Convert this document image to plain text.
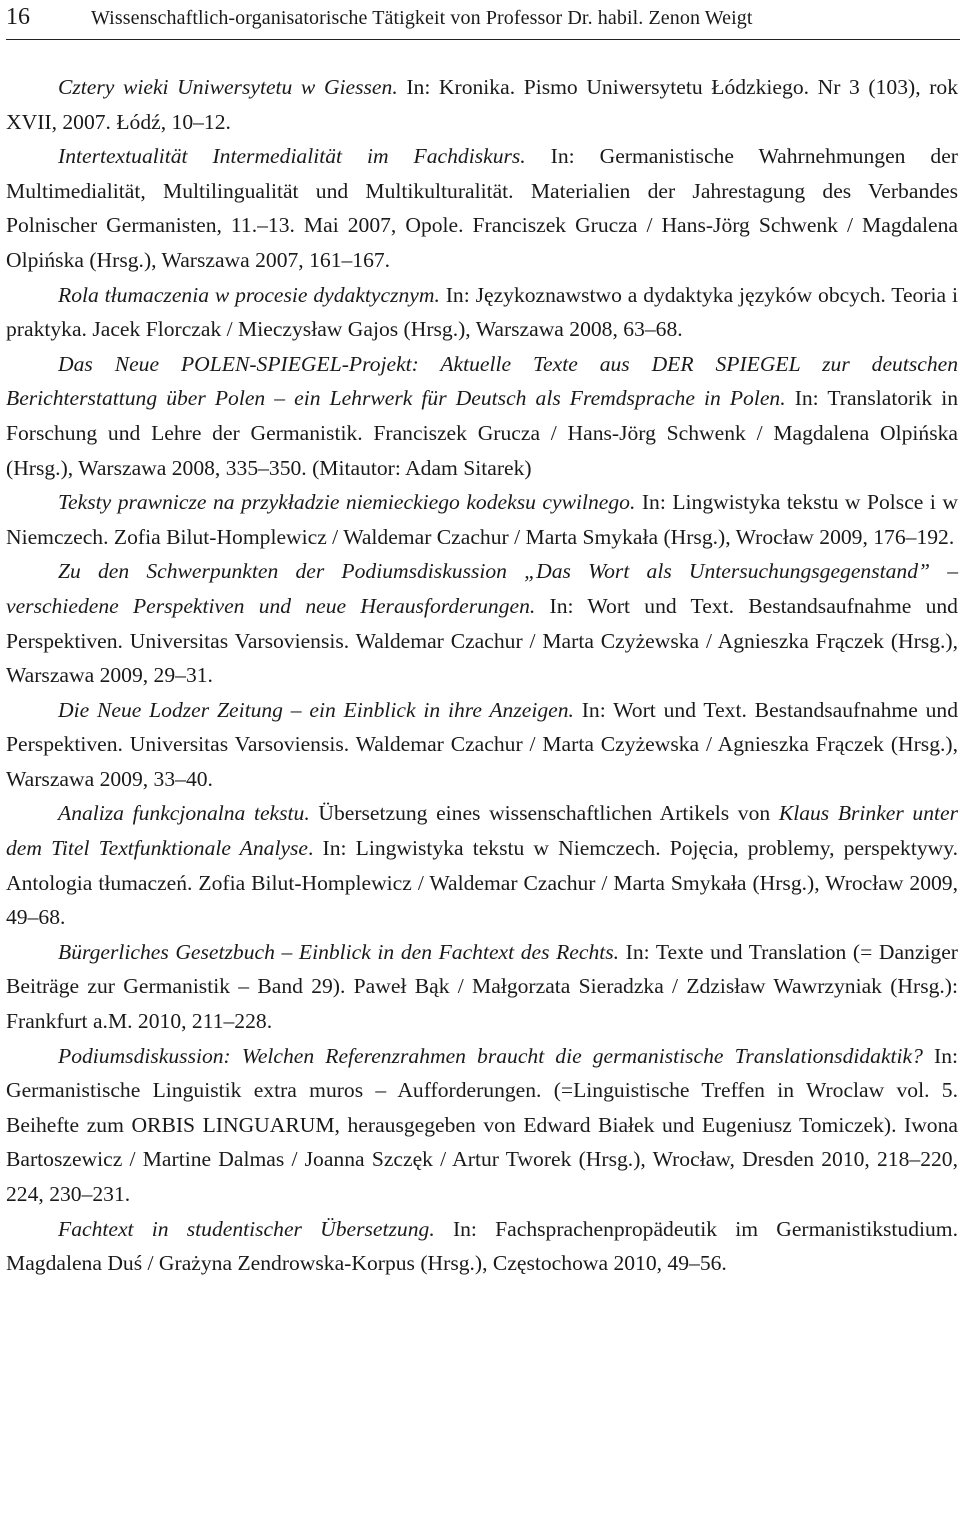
16	Wissenschaftlich-organisatorische Tätigkeit von Professor Dr. habil. Zenon Weigt

Cztery wieki Uniwersytetu w Giessen. In: Kronika. Pismo Uniwersytetu Łódzkiego. Nr 3 (103), rok XVII, 2007. Łódź, 10–12.

Intertextualität Intermedialität im Fachdiskurs. In: Germanistische Wahrnehmungen der Multimedialität, Multilingualität und Multikulturalität. Materialien der Jahrestagung des Verbandes Polnischer Germanisten, 11.–13. Mai 2007, Opole. Franciszek Grucza / Hans-Jörg Schwenk / Magdalena Olpińska (Hrsg.), Warszawa 2007, 161–167.

Rola tłumaczenia w procesie dydaktycznym. In: Językoznawstwo a dydaktyka języków obcych. Teoria i praktyka. Jacek Florczak / Mieczysław Gajos (Hrsg.), Warszawa 2008, 63–68.

Das Neue POLEN-SPIEGEL-Projekt: Aktuelle Texte aus DER SPIEGEL zur deutschen Berichterstattung über Polen – ein Lehrwerk für Deutsch als Fremdsprache in Polen. In: Translatorik in Forschung und Lehre der Germanistik. Franciszek Grucza / Hans-Jörg Schwenk / Magdalena Olpińska (Hrsg.), Warszawa 2008, 335–350. (Mitautor: Adam Sitarek)

Teksty prawnicze na przykładzie niemieckiego kodeksu cywilnego. In: Lingwistyka tekstu w Polsce i w Niemczech. Zofia Bilut-Homplewicz / Waldemar Czachur / Marta Smykała (Hrsg.), Wrocław 2009, 176–192.

Zu den Schwerpunkten der Podiumsdiskussion „Das Wort als Untersuchungsgegenstand” – verschiedene Perspektiven und neue Herausforderungen. In: Wort und Text. Bestandsaufnahme und Perspektiven. Universitas Varsoviensis. Waldemar Czachur / Marta Czyżewska / Agnieszka Frączek (Hrsg.), Warszawa 2009, 29–31.

Die Neue Lodzer Zeitung – ein Einblick in ihre Anzeigen. In: Wort und Text. Bestandsaufnahme und Perspektiven. Universitas Varsoviensis. Waldemar Czachur / Marta Czyżewska / Agnieszka Frączek (Hrsg.), Warszawa 2009, 33–40.

Analiza funkcjonalna tekstu. Übersetzung eines wissenschaftlichen Artikels von Klaus Brinker unter dem Titel Textfunktionale Analyse. In: Lingwistyka tekstu w Niemczech. Pojęcia, problemy, perspektywy. Antologia tłumaczeń. Zofia Bilut-Homplewicz / Waldemar Czachur / Marta Smykała (Hrsg.), Wrocław 2009, 49–68.

Bürgerliches Gesetzbuch – Einblick in den Fachtext des Rechts. In: Texte und Translation (= Danziger Beiträge zur Germanistik – Band 29). Paweł Bąk / Małgorzata Sieradzka / Zdzisław Wawrzyniak (Hrsg.): Frankfurt a.M. 2010, 211–228.

Podiumsdiskussion: Welchen Referenzrahmen braucht die germanistische Translationsdidaktik? In: Germanistische Linguistik extra muros – Aufforderungen. (=Linguistische Treffen in Wroclaw vol. 5. Beihefte zum ORBIS LINGUARUM, herausgegeben von Edward Białek und Eugeniusz Tomiczek). Iwona Bartoszewicz / Martine Dalmas / Joanna Szczęk / Artur Tworek (Hrsg.), Wrocław, Dresden 2010, 218–220, 224, 230–231.

Fachtext in studentischer Übersetzung. In: Fachsprachenpropädeutik im Germanistikstudium. Magdalena Duś / Grażyna Zendrowska-Korpus (Hrsg.), Częstochowa 2010, 49–56.
